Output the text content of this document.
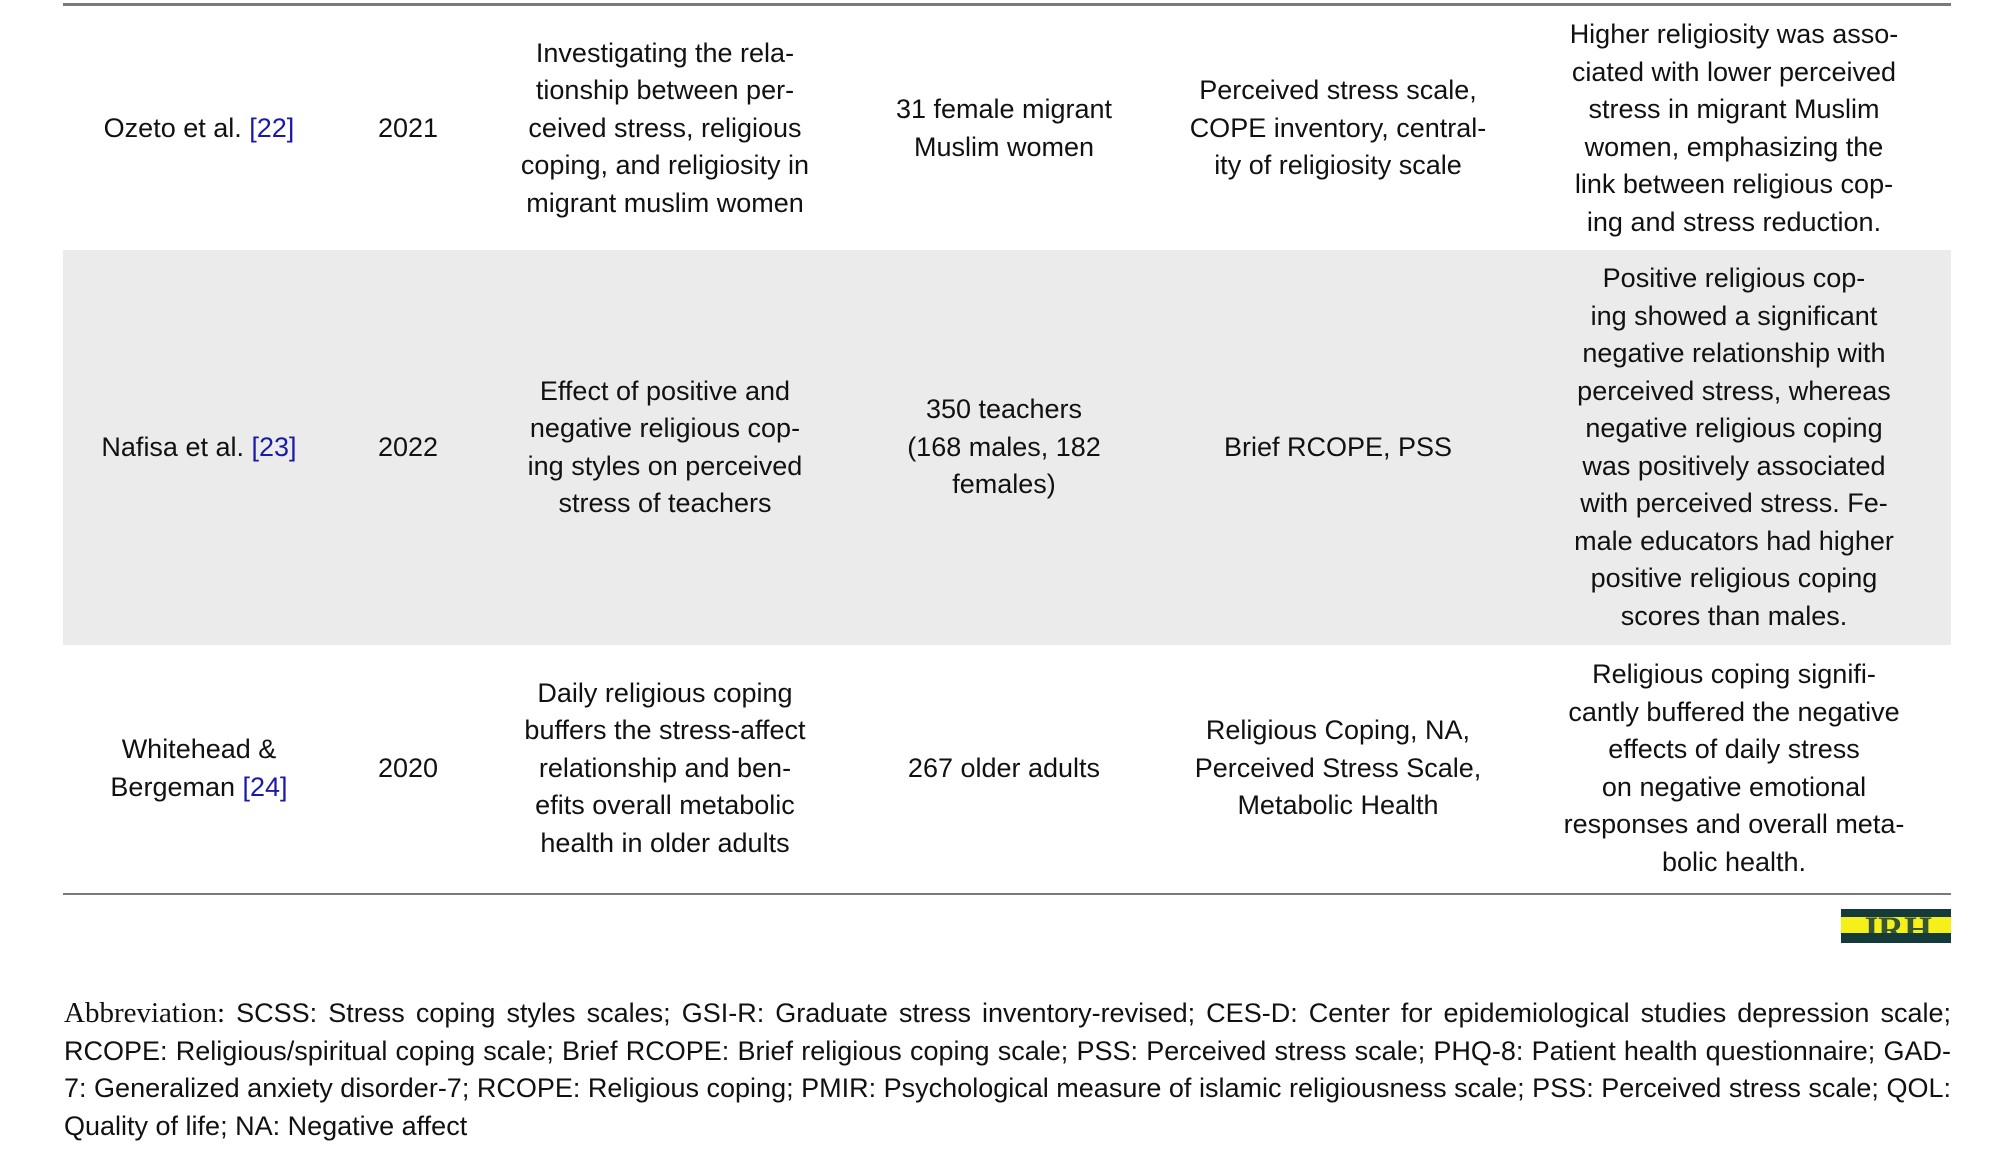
Ozeto et al. [22]	2021
Investigating the rela-
tionship between per-
ceived stress, religious
coping, and religiosity in
migrant muslim women
31 female migrant
Muslim women
Perceived stress scale,
COPE inventory, central-
ity of religiosity scale
Higher religiosity was asso-
ciated with lower perceived
stress in migrant Muslim
women, emphasizing the
link between religious cop-
ing and stress reduction.
Nafisa et al. [23]	2022
Effect of positive and
negative religious cop-
ing styles on perceived
stress of teachers
350 teachers
(168 males, 182
females)
Brief RCOPE, PSS
Positive religious cop-
ing showed a significant
negative relationship with
perceived stress, whereas
negative religious coping
was positively associated
with perceived stress. Fe-
male educators had higher
positive religious coping
scores than males.
Whitehead &
Bergeman [24]
2020
Daily religious coping
buffers the stress-affect
relationship and ben-
efits overall metabolic
health in older adults
267 older adults
Religious Coping, NA,
Perceived Stress Scale,
Metabolic Health
Religious coping signifi-
cantly buffered the negative
effects of daily stress
on negative emotional
responses and overall meta-
bolic health.
JRH
Abbreviation: SCSS: Stress coping styles scales; GSI-R: Graduate stress inventory-revised; CES-D: Center for epidemiological studies depression scale; RCOPE: Religious/spiritual coping scale; Brief RCOPE: Brief religious coping scale; PSS: Perceived stress scale; PHQ-8: Patient health questionnaire; GAD-7: Generalized anxiety disorder-7; RCOPE: Religious coping; PMIR: Psychological measure of islamic religiousness scale; PSS: Perceived stress scale; QOL: Quality of life; NA: Negative affect
